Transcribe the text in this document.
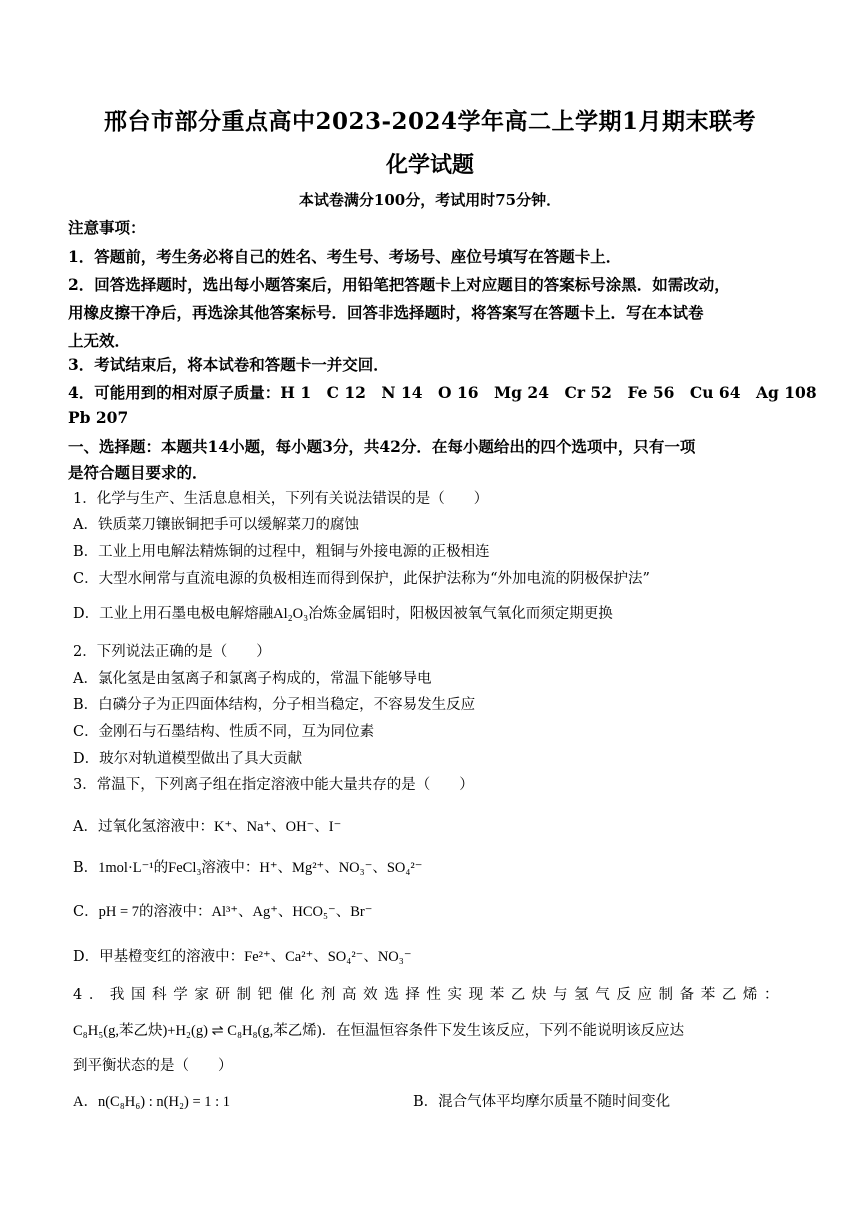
邢台市部分重点高中2023-2024学年高二上学期1月期末联考
化学试题
本试卷满分100分，考试用时75分钟．
注意事项：
1．答题前，考生务必将自己的姓名、考生号、考场号、座位号填写在答题卡上．
2．回答选择题时，选出每小题答案后，用铅笔把答题卡上对应题目的答案标号涂黑．如需改动，
用橡皮擦干净后，再选涂其他答案标号．回答非选择题时，将答案写在答题卡上．写在本试卷
上无效．
3．考试结束后，将本试卷和答题卡一并交回．
4．可能用到的相对原子质量：H 1　C 12　N 14　O 16　Mg 24　Cr 52　Fe 56　Cu 64　Ag 108
Pb 207
一、选择题：本题共14小题，每小题3分，共42分．在每小题给出的四个选项中，只有一项
是符合题目要求的．
1．化学与生产、生活息息相关，下列有关说法错误的是（　　）
A．铁质菜刀镶嵌铜把手可以缓解菜刀的腐蚀
B．工业上用电解法精炼铜的过程中，粗铜与外接电源的正极相连
C．大型水闸常与直流电源的负极相连而得到保护，此保护法称为“外加电流的阴极保护法”
D．工业上用石墨电极电解熔融Al₂O₃冶炼金属铝时，阳极因被氧气氧化而须定期更换
2．下列说法正确的是（　　）
A．氯化氢是由氢离子和氯离子构成的，常温下能够导电
B．白磷分子为正四面体结构，分子相当稳定，不容易发生反应
C．金刚石与石墨结构、性质不同，互为同位素
D．玻尔对轨道模型做出了具大贡献
3．常温下，下列离子组在指定溶液中能大量共存的是（　　）
A．过氧化氢溶液中：K⁺、Na⁺、OH⁻、I⁻
B．1mol·L⁻¹的FeCl₃溶液中：H⁺、Mg²⁺、NO₃⁻、SO₄²⁻
C．pH = 7的溶液中：Al³⁺、Ag⁺、HCO₅⁻、Br⁻
D．甲基橙变红的溶液中：Fe²⁺、Ca²⁺、SO₄²⁻、NO₃⁻
4．我国科学家研制钯催化剂高效选择性实现苯乙炔与氢气反应制备苯乙烯：
C₈H₅(g,苯乙炔)+H₂(g) ⇌ C₈H₈(g,苯乙烯)．在恒温恒容条件下发生该反应，下列不能说明该反应达
到平衡状态的是（　　）
A．n(C₈H₆) : n(H₂) = 1 : 1	B．混合气体平均摩尔质量不随时间变化
